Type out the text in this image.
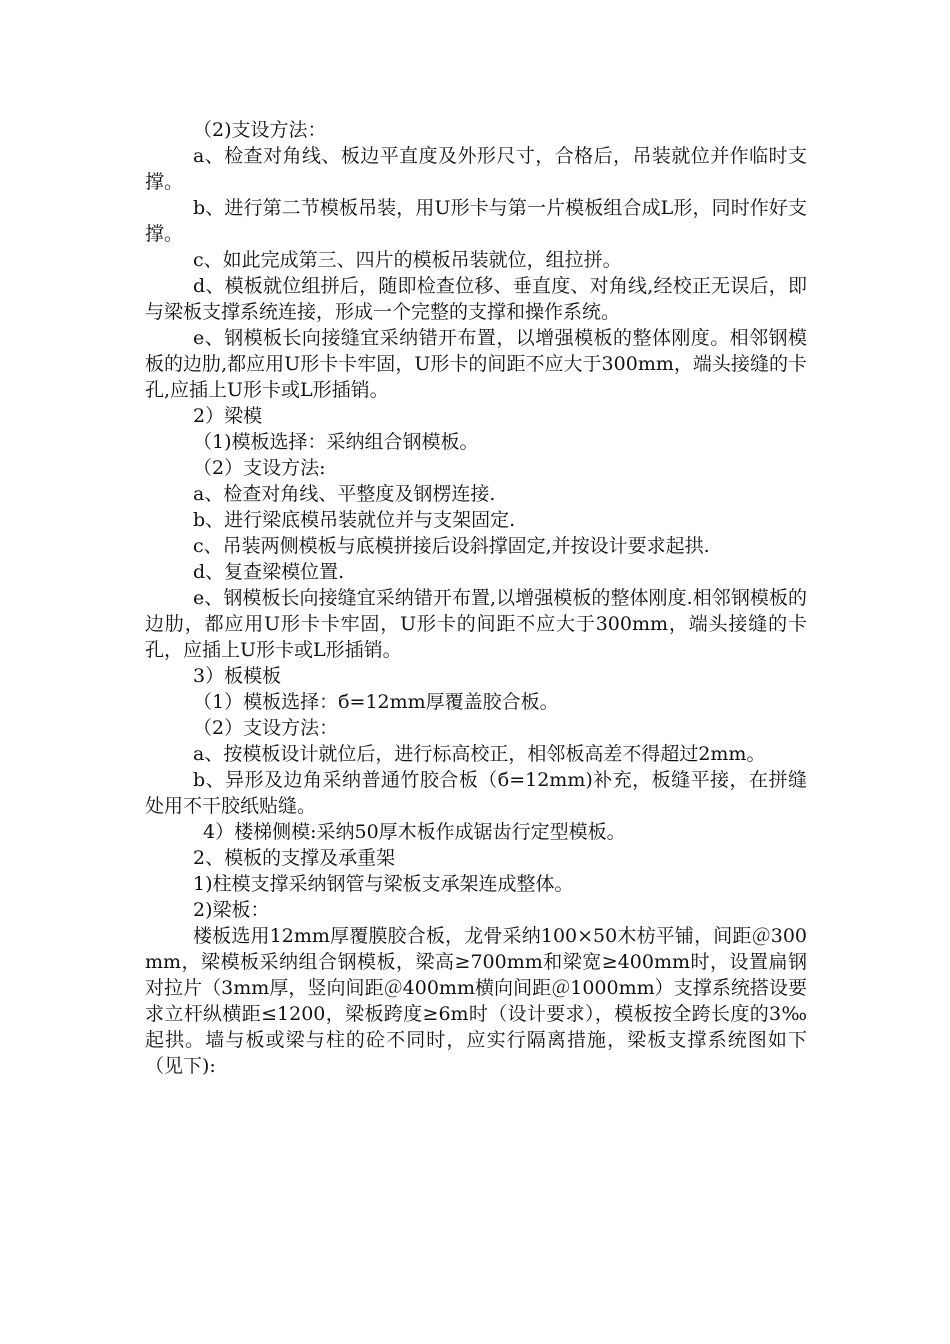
（2)支设方法：

a、检查对角线、板边平直度及外形尺寸，合格后，吊装就位并作临时支撑。

b、进行第二节模板吊装，用U形卡与第一片模板组合成L形，同时作好支撑。

c、如此完成第三、四片的模板吊装就位，组拉拼。

d、模板就位组拼后，随即检查位移、垂直度、对角线,经校正无误后，即与梁板支撑系统连接，形成一个完整的支撑和操作系统。

e、钢模板长向接缝宜采纳错开布置，以增强模板的整体刚度。相邻钢模板的边肋,都应用U形卡卡牢固，U形卡的间距不应大于300mm，端头接缝的卡孔,应插上U形卡或L形插销。

2）梁模

（1)模板选择：采纳组合钢模板。

（2）支设方法:

a、检查对角线、平整度及钢楞连接.

b、进行梁底模吊装就位并与支架固定.

c、吊装两侧模板与底模拼接后设斜撑固定,并按设计要求起拱.

d、复查梁模位置.

e、钢模板长向接缝宜采纳错开布置,以增强模板的整体刚度.相邻钢模板的边肋，都应用U形卡卡牢固，U形卡的间距不应大于300mm，端头接缝的卡孔，应插上U形卡或L形插销。

3）板模板

（1）模板选择：б=12mm厚覆盖胶合板。

（2）支设方法：

a、按模板设计就位后，进行标高校正，相邻板高差不得超过2mm。

b、异形及边角采纳普通竹胶合板（б=12mm)补充，板缝平接，在拼缝处用不干胶纸贴缝。

4）楼梯侧模:采纳50厚木板作成锯齿行定型模板。

2、模板的支撑及承重架

1)柱模支撑采纳钢管与梁板支承架连成整体。

2)梁板：

楼板选用12mm厚覆膜胶合板，龙骨采纳100×50木枋平铺，间距＠300mm，梁模板采纳组合钢模板，梁高≥700mm和梁宽≥400mm时，设置扁钢对拉片（3mm厚，竖向间距＠400mm横向间距＠1000mm）支撑系统搭设要求立杆纵横距≤1200，梁板跨度≥6m时（设计要求），模板按全跨长度的3‰起拱。墙与板或梁与柱的砼不同时，应实行隔离措施，梁板支撑系统图如下（见下):
